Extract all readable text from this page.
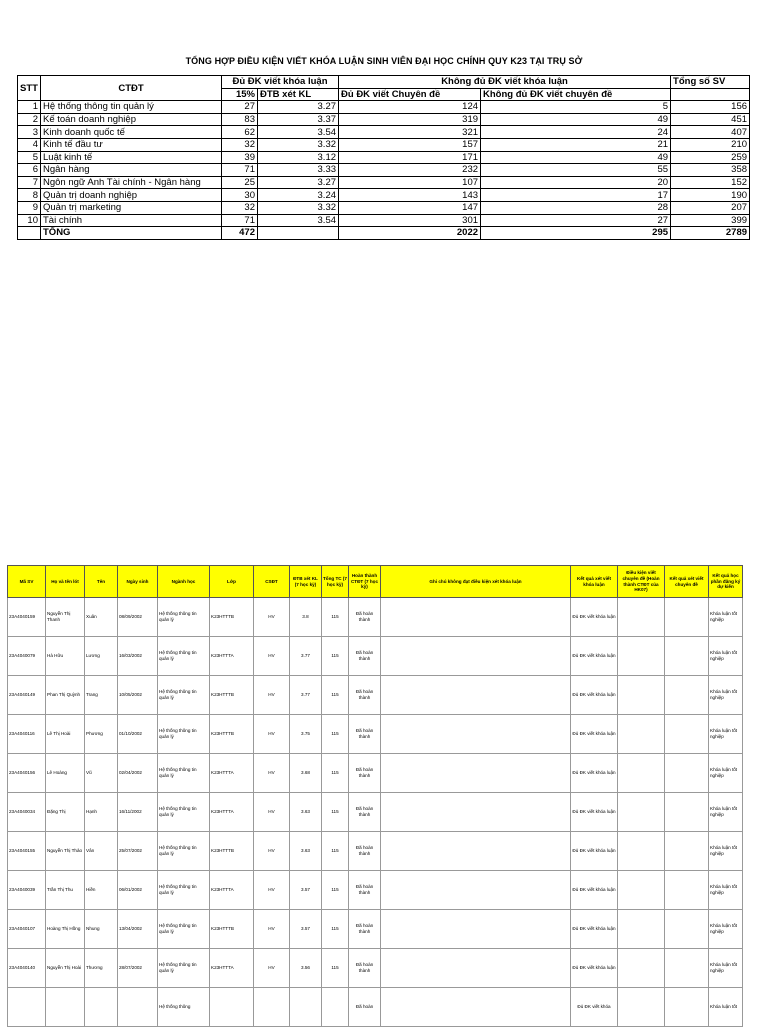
TỔNG HỢP ĐIỀU KIỆN VIẾT KHÓA LUẬN SINH VIÊN ĐẠI HỌC CHÍNH QUY K23 TẠI TRỤ SỞ
STT	CTĐT	Đủ ĐK viết khóa luận		Không đủ ĐK viết khóa luận		Tổng số SV
		15%	ĐTB xét KL	Đủ ĐK viết Chuyên đề	Không đủ ĐK viết chuyên đề	
1	Hệ thống thông tin quản lý	27	3.27	124	5	156
2	Kế toán doanh nghiệp	83	3.37	319	49	451
3	Kinh doanh quốc tế	62	3.54	321	24	407
4	Kinh tế đầu tư	32	3.32	157	21	210
5	Luật kinh tế	39	3.12	171	49	259
6	Ngân hàng	71	3.33	232	55	358
7	Ngôn ngữ Anh Tài chính - Ngân hàng	25	3.27	107	20	152
8	Quản trị doanh nghiệp	30	3.24	143	17	190
9	Quản trị marketing	32	3.32	147	28	207
10	Tài chính	71	3.54	301	27	399
	TỔNG	472		2022	295	2789
Mã SV	Họ và tên lót	Tên	Ngày sinh	Ngành học	Lớp	CSĐT	ĐTB xét KL (7 học kỳ)	Tổng TC (7 học kỳ)	Hoàn thành CTĐT (7 học kỳ)	Ghi chú không đạt điều kiện xét khóa luận	Kết quả xét viết khóa luận	Điều kiện viết chuyên đề (Hoàn thành CTĐT của HK07)	Kết quả xét viết chuyên đề	Kết quả học phần đăng ký dự kiến
23A4040159	Nguyễn Thị Thanh	Xuân	08/09/2002	Hệ thống thông tin quản lý	K23HTTTB	HV	3.8	115	Đã hoàn thành		Đủ ĐK viết khóa luận			Khóa luận tốt nghiệp
23A4040079	Hà Hữu	Lương	16/03/2002	Hệ thống thông tin quản lý	K23HTTTA	HV	3.77	115	Đã hoàn thành		Đủ ĐK viết khóa luận			Khóa luận tốt nghiệp
23A4040149	Phan Thị Quỳnh	Trang	10/05/2002	Hệ thống thông tin quản lý	K23HTTTB	HV	3.77	115	Đã hoàn thành		Đủ ĐK viết khóa luận			Khóa luận tốt nghiệp
23A4040116	Lê Thị Hoài	Phương	01/10/2002	Hệ thống thông tin quản lý	K23HTTTB	HV	3.75	115	Đã hoàn thành		Đủ ĐK viết khóa luận			Khóa luận tốt nghiệp
23A4040156	Lê Hoàng	Vũ	02/04/2002	Hệ thống thông tin quản lý	K23HTTTA	HV	3.68	115	Đã hoàn thành		Đủ ĐK viết khóa luận			Khóa luận tốt nghiệp
23A4040034	Đặng Thị	Hạnh	16/11/2002	Hệ thống thông tin quản lý	K23HTTTA	HV	3.63	115	Đã hoàn thành		Đủ ĐK viết khóa luận			Khóa luận tốt nghiệp
23A4040155	Nguyễn Thị Thảo	Vân	25/07/2002	Hệ thống thông tin quản lý	K23HTTTB	HV	3.63	115	Đã hoàn thành		Đủ ĐK viết khóa luận			Khóa luận tốt nghiệp
23A4040039	Trần Thị Thu	Hiền	06/01/2002	Hệ thống thông tin quản lý	K23HTTTA	HV	3.57	115	Đã hoàn thành		Đủ ĐK viết khóa luận			Khóa luận tốt nghiệp
23A4040107	Hoàng Thị Hồng	Nhung	13/04/2002	Hệ thống thông tin quản lý	K23HTTTB	HV	3.57	115	Đã hoàn thành		Đủ ĐK viết khóa luận			Khóa luận tốt nghiệp
23A4040140	Nguyễn Thị Hoài	Thương	28/07/2002	Hệ thống thông tin quản lý	K23HTTTA	HV	3.56	115	Đã hoàn thành		Đủ ĐK viết khóa luận			Khóa luận tốt nghiệp
				Hệ thống thông					Đã hoàn		Đủ ĐK viết khóa			Khóa luận tốt
